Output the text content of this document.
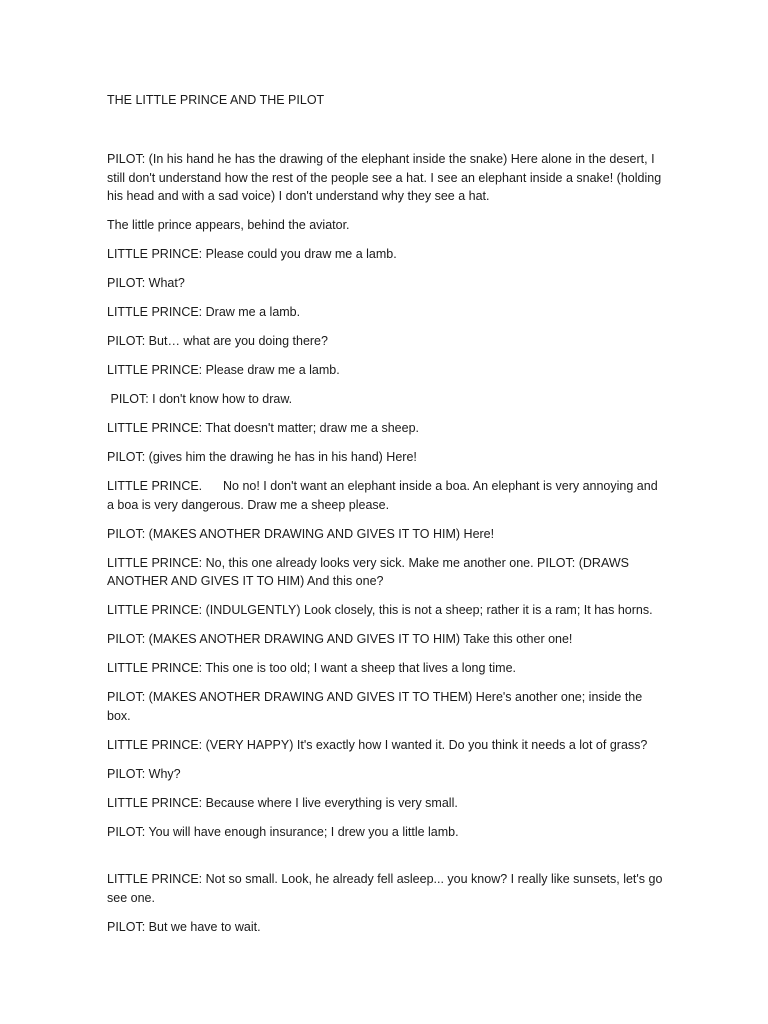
THE LITTLE PRINCE AND THE PILOT

PILOT: (In his hand he has the drawing of the elephant inside the snake) Here alone in the desert, I still don't understand how the rest of the people see a hat. I see an elephant inside a snake! (holding his head and with a sad voice) I don't understand why they see a hat.

The little prince appears, behind the aviator.

LITTLE PRINCE: Please could you draw me a lamb.

PILOT: What?

LITTLE PRINCE: Draw me a lamb.

PILOT: But… what are you doing there?

LITTLE PRINCE: Please draw me a lamb.

PILOT: I don't know how to draw.

LITTLE PRINCE: That doesn't matter; draw me a sheep.

PILOT: (gives him the drawing he has in his hand) Here!

LITTLE PRINCE.      No no! I don't want an elephant inside a boa. An elephant is very annoying and a boa is very dangerous. Draw me a sheep please.

PILOT: (MAKES ANOTHER DRAWING AND GIVES IT TO HIM) Here!

LITTLE PRINCE: No, this one already looks very sick. Make me another one. PILOT: (DRAWS ANOTHER AND GIVES IT TO HIM) And this one?

LITTLE PRINCE: (INDULGENTLY) Look closely, this is not a sheep; rather it is a ram; It has horns.

PILOT: (MAKES ANOTHER DRAWING AND GIVES IT TO HIM) Take this other one!

LITTLE PRINCE: This one is too old; I want a sheep that lives a long time.

PILOT: (MAKES ANOTHER DRAWING AND GIVES IT TO THEM) Here's another one; inside the box.

LITTLE PRINCE: (VERY HAPPY) It's exactly how I wanted it. Do you think it needs a lot of grass?

PILOT: Why?

LITTLE PRINCE: Because where I live everything is very small.

PILOT: You will have enough insurance; I drew you a little lamb.

LITTLE PRINCE: Not so small. Look, he already fell asleep... you know? I really like sunsets, let's go see one.

PILOT: But we have to wait.
